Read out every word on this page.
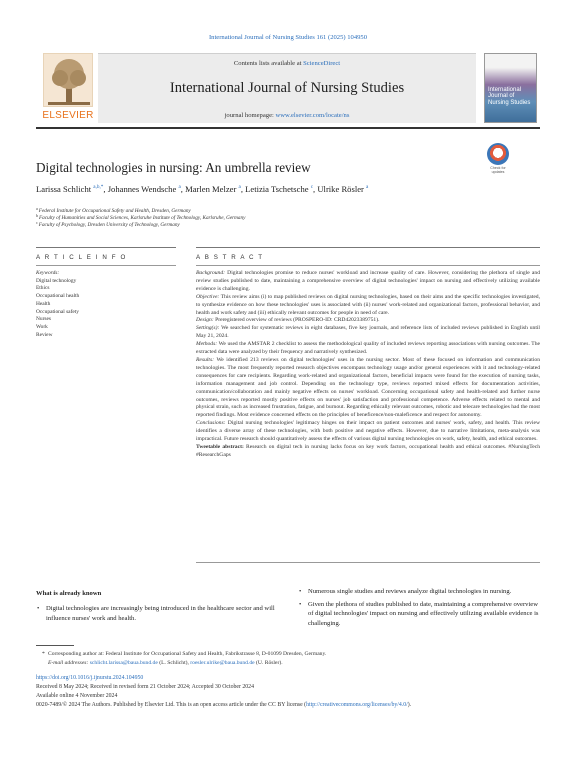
International Journal of Nursing Studies 161 (2025) 104950
ELSEVIER
Contents lists available at ScienceDirect
International Journal of Nursing Studies
journal homepage: www.elsevier.com/locate/ns
International Journal of Nursing Studies
Digital technologies in nursing: An umbrella review	Check for updates
Larissa Schlicht $^{a,b,*}$, Johannes Wendsche $^a$, Marlen Melzer $^a$, Letizia Tschetsche $^c$, Ulrike Rösler $^a$
$^a$Federal Institute for Occupational Safety and Health, Dresden, Germany
$^b$Faculty of Humanities and Social Sciences, Karlsruhe Institute of Technology, Karlsruhe, Germany
$^c$Faculty of Psychology, Dresden University of Technology, Germany
A R T I C L E I N F O	A B S T R A C T
Keywords:
Digital technology
Ethics
Occupational health
Health
Occupational safety
Nurses
Work
Review

Background: Digital technologies promise to reduce nurses' workload and increase quality of care. However, considering the plethora of single and review studies published to date, maintaining a comprehensive overview of digital technologies' impact on nursing and effectively utilizing available evidence is challenging.

Objective: This review aims (i) to map published reviews on digital nursing technologies, based on their aims and the specific technologies investigated, to synthesize evidence on how these technologies' uses is associated with (ii) nurses' work-related and organizational factors, professional behavior, and health and work safety and (iii) ethically relevant outcomes for people in need of care.

Design: Preregistered overview of reviews (PROSPERO-ID: CRD42023389751).

Setting(s): We searched for systematic reviews in eight databases, five key journals, and reference lists of included reviews published in English until May 21, 2024.

Methods: We used the AMSTAR 2 checklist to assess the methodological quality of included reviews reporting associations with nursing outcomes. The extracted data were analyzed by their frequency and narratively synthesized.

Results: We identified 213 reviews on digital technologies' uses in the nursing sector. Most of these focused on information and communication technologies. The most frequently reported research objectives encompass technology usage and/or general experiences with it and technology-related consequences for care recipients. Regarding work-related and organizational factors, beneficial impacts were found for the execution of nursing tasks, information management and job control. Depending on the technology type, reviews reported mixed effects for documentation activities, communication/collaboration and mainly negative effects on nurses' workload. Concerning occupational safety and health-related and further nurse outcomes, reviews reported mostly positive effects on nurses' job satisfaction and professional competence. Adverse effects related to mental and physical strain, such as increased frustration, fatigue, and burnout. Regarding ethically relevant outcomes, robotic and telecare technologies had the most reported findings. Most evidence concerned effects on the principles of beneficence/non-maleficence and respect for autonomy.

Conclusions: Digital nursing technologies' legitimacy hinges on their impact on patient outcomes and nurses' work, safety, and health. This review identifies a diverse array of these technologies, with both positive and negative effects. However, due to narrative limitations, meta-analysis was impractical. Future research should quantitatively assess the effects of various digital nursing technologies on work, safety, health, and ethical outcomes.

Tweetable abstract: Research on digital tech in nursing lacks focus on key work factors, occupational health and ethical outcomes. #NursingTech #ResearchGaps

What is already known
• Digital technologies are increasingly being introduced in the healthcare sector and will influence nurses' work and health.
• Numerous single studies and reviews analyze digital technologies in nursing.
• Given the plethora of studies published to date, maintaining a comprehensive overview of digital technologies' impact on nursing and effectively utilizing available evidence is challenging.
* Corresponding author at: Federal Institute for Occupational Safety and Health, Fabrikstrasse 8, D-01099 Dresden, Germany.
E-mail addresses: schlicht.larissa@baua.bund.de (L. Schlicht), roesler.ulrike@baua.bund.de (U. Rösler).
https://doi.org/10.1016/j.ijnurstu.2024.104950
Received 8 May 2024; Received in revised form 21 October 2024; Accepted 30 October 2024
Available online 4 November 2024
0020-7489/© 2024 The Authors. Published by Elsevier Ltd. This is an open access article under the CC BY license (http://creativecommons.org/licenses/by/4.0/).
